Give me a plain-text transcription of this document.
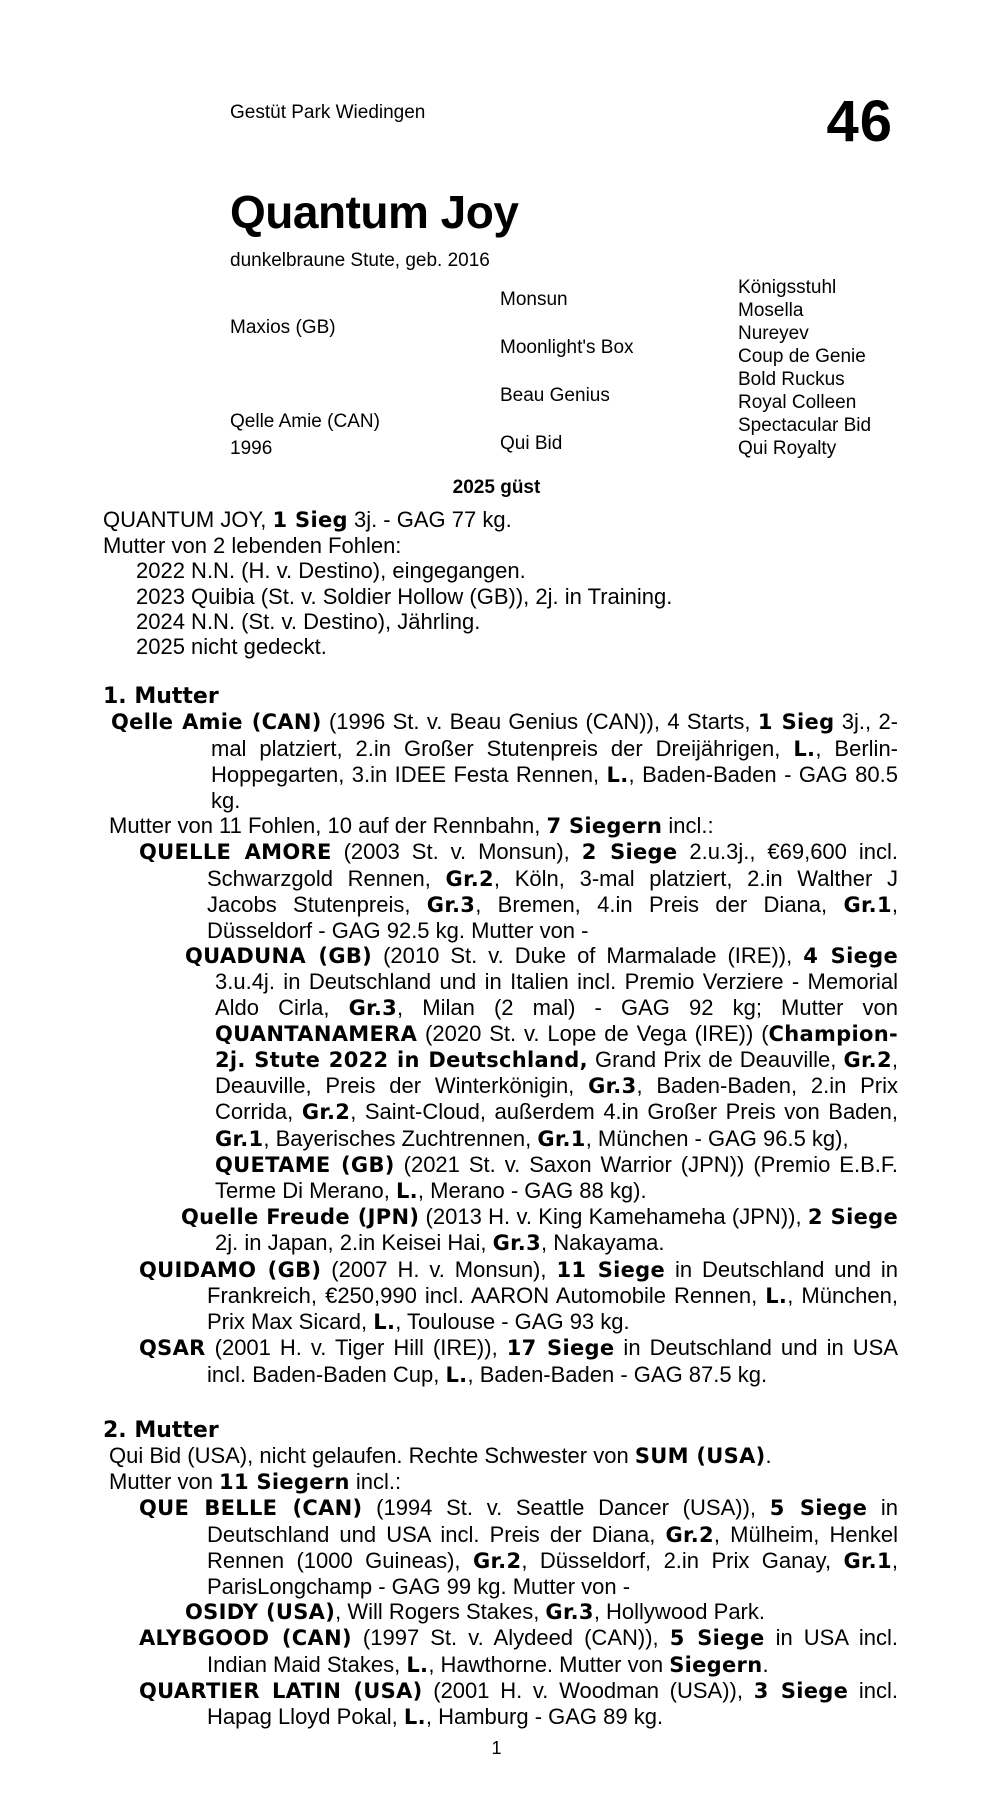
Gestüt Park Wiedingen	46
Quantum Joy
dunkelbraune Stute, geb. 2016
Maxios (GB)
Qelle Amie (CAN)
1996
Monsun
Moonlight's Box
Beau Genius
Qui Bid
Königsstuhl
Mosella
Nureyev
Coup de Genie
Bold Ruckus
Royal Colleen
Spectacular Bid
Qui Royalty
2025 güst

QUANTUM JOY, 1 Sieg 3j. - GAG 77 kg.

Mutter von 2 lebenden Fohlen:

2022 N.N. (H. v. Destino), eingegangen.

2023 Quibia (St. v. Soldier Hollow (GB)), 2j. in Training.

2024 N.N. (St. v. Destino), Jährling.

2025 nicht gedeckt.

1. Mutter

Qelle Amie (CAN) (1996 St. v. Beau Genius (CAN)), 4 Starts, 1 Sieg 3j., 2-mal platziert, 2.in Großer Stutenpreis der Dreijährigen, L., Berlin-Hoppegarten, 3.in IDEE Festa Rennen, L., Baden-Baden - GAG 80.5 kg.

Mutter von 11 Fohlen, 10 auf der Rennbahn, 7 Siegern incl.:

QUELLE AMORE (2003 St. v. Monsun), 2 Siege 2.u.3j., €69,600 incl. Schwarzgold Rennen, Gr.2, Köln, 3-mal platziert, 2.in Walther J Jacobs Stutenpreis, Gr.3, Bremen, 4.in Preis der Diana, Gr.1, Düsseldorf - GAG 92.5 kg. Mutter von -

QUADUNA (GB) (2010 St. v. Duke of Marmalade (IRE)), 4 Siege 3.u.4j. in Deutschland und in Italien incl. Premio Verziere - Memorial Aldo Cirla, Gr.3, Milan (2 mal) - GAG 92 kg; Mutter von QUANTANAMERA (2020 St. v. Lope de Vega (IRE)) (Champion-2j. Stute 2022 in Deutschland, Grand Prix de Deauville, Gr.2, Deauville, Preis der Winterkönigin, Gr.3, Baden-Baden, 2.in Prix Corrida, Gr.2, Saint-Cloud, außerdem 4.in Großer Preis von Baden, Gr.1, Bayerisches Zuchtrennen, Gr.1, München - GAG 96.5 kg),
QUETAME (GB) (2021 St. v. Saxon Warrior (JPN)) (Premio E.B.F. Terme Di Merano, L., Merano - GAG 88 kg).

Quelle Freude (JPN) (2013 H. v. King Kamehameha (JPN)), 2 Siege 2j. in Japan, 2.in Keisei Hai, Gr.3, Nakayama.

QUIDAMO (GB) (2007 H. v. Monsun), 11 Siege in Deutschland und in Frankreich, €250,990 incl. AARON Automobile Rennen, L., München, Prix Max Sicard, L., Toulouse - GAG 93 kg.

QSAR (2001 H. v. Tiger Hill (IRE)), 17 Siege in Deutschland und in USA incl. Baden-Baden Cup, L., Baden-Baden - GAG 87.5 kg.

2. Mutter

Qui Bid (USA), nicht gelaufen. Rechte Schwester von SUM (USA).

Mutter von 11 Siegern incl.:

QUE BELLE (CAN) (1994 St. v. Seattle Dancer (USA)), 5 Siege in Deutschland und USA incl. Preis der Diana, Gr.2, Mülheim, Henkel Rennen (1000 Guineas), Gr.2, Düsseldorf, 2.in Prix Ganay, Gr.1, ParisLongchamp - GAG 99 kg. Mutter von -

OSIDY (USA), Will Rogers Stakes, Gr.3, Hollywood Park.

ALYBGOOD (CAN) (1997 St. v. Alydeed (CAN)), 5 Siege in USA incl. Indian Maid Stakes, L., Hawthorne. Mutter von Siegern.

QUARTIER LATIN (USA) (2001 H. v. Woodman (USA)), 3 Siege incl. Hapag Lloyd Pokal, L., Hamburg - GAG 89 kg.

1
